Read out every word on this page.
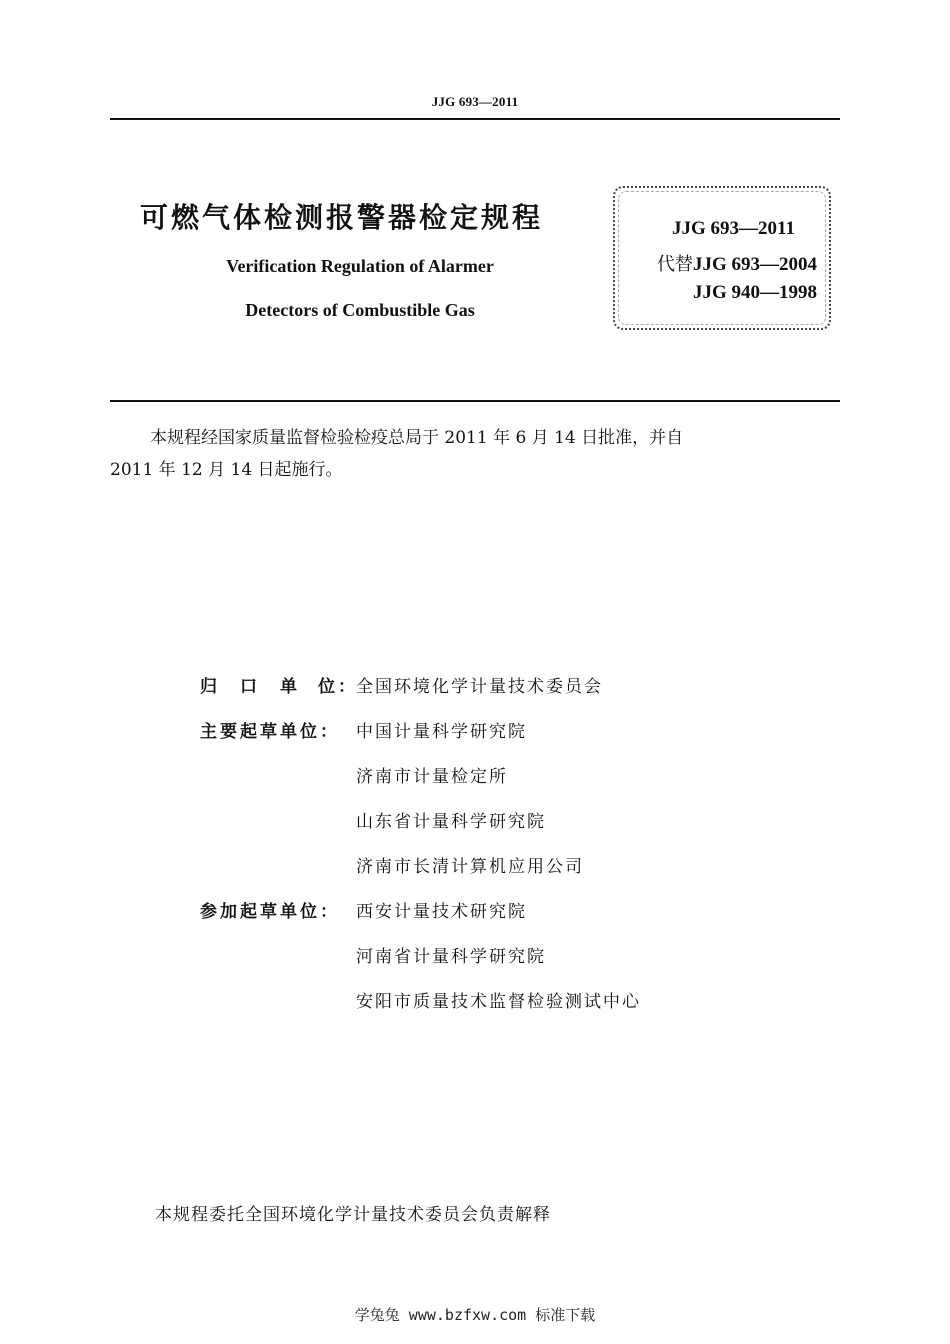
JJG 693—2011
可燃气体检测报警器检定规程
Verification Regulation of Alarmer
Detectors of Combustible Gas
JJG 693—2011
代替JJG 693—2004
JJG 940—1998
本规程经国家质量监督检验检疫总局于 2011 年 6 月 14 日批准，并自
2011 年 12 月 14 日起施行。
归 口 单 位：
全国环境化学计量技术委员会
主要起草单位： 中国计量科学研究院
济南市计量检定所
山东省计量科学研究院
济南市长清计算机应用公司
参加起草单位： 西安计量技术研究院
河南省计量科学研究院
安阳市质量技术监督检验测试中心
本规程委托全国环境化学计量技术委员会负责解释
学兔兔 www.bzfxw.com 标准下载
